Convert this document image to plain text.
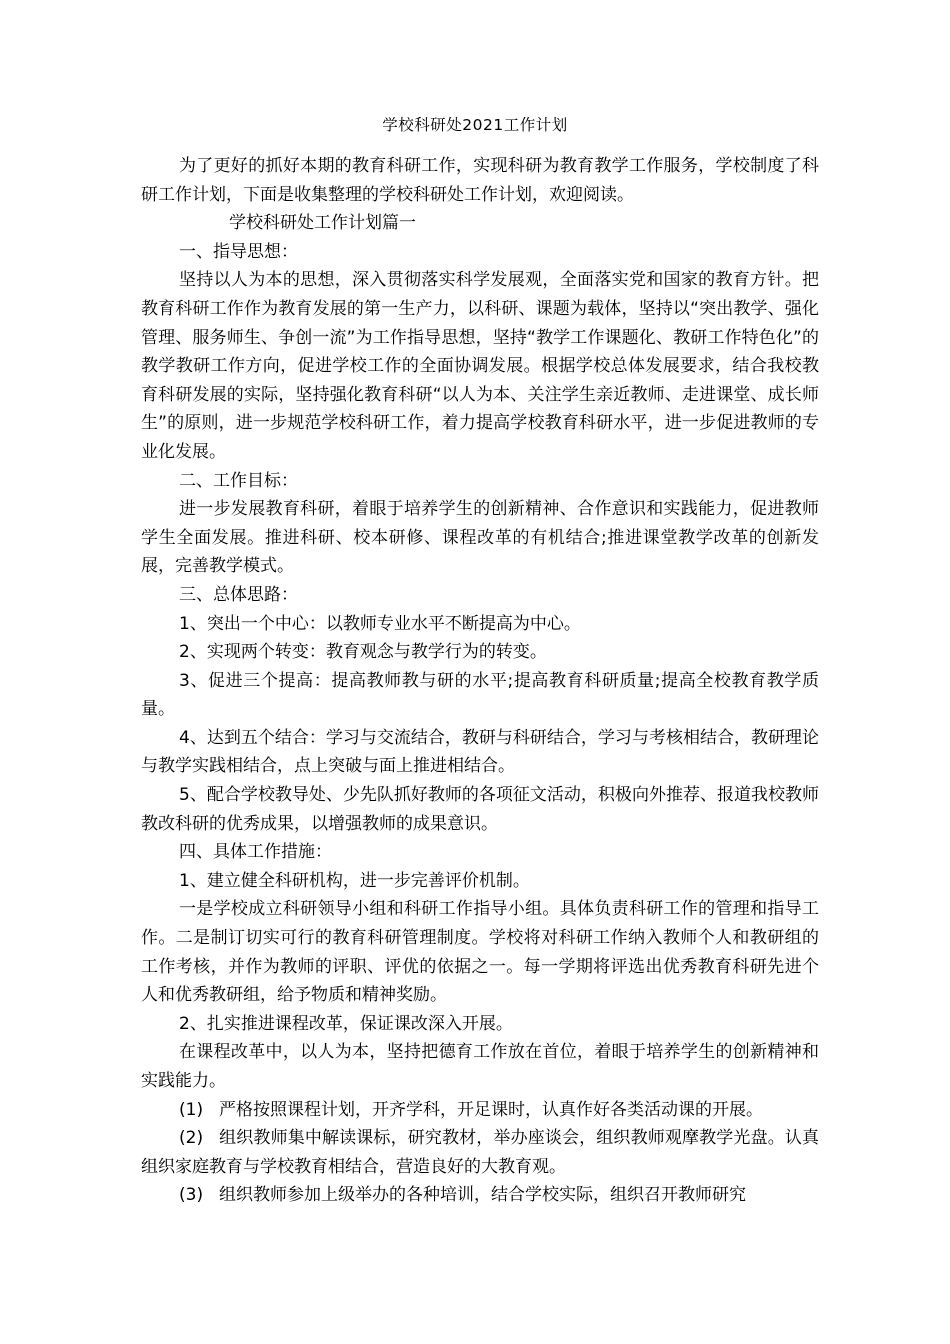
学校科研处2021工作计划

为了更好的抓好本期的教育科研工作，实现科研为教育教学工作服务，学校制度了科研工作计划，下面是收集整理的学校科研处工作计划，欢迎阅读。

学校科研处工作计划篇一

一、指导思想：

坚持以人为本的思想，深入贯彻落实科学发展观，全面落实党和国家的教育方针。把教育科研工作作为教育发展的第一生产力，以科研、课题为载体，坚持以“突出教学、强化管理、服务师生、争创一流”为工作指导思想，坚持“教学工作课题化、教研工作特色化”的教学教研工作方向，促进学校工作的全面协调发展。根据学校总体发展要求，结合我校教育科研发展的实际，坚持强化教育科研“以人为本、关注学生亲近教师、走进课堂、成长师生”的原则，进一步规范学校科研工作，着力提高学校教育科研水平，进一步促进教师的专业化发展。

二、工作目标：

进一步发展教育科研，着眼于培养学生的创新精神、合作意识和实践能力，促进教师学生全面发展。推进科研、校本研修、课程改革的有机结合;推进课堂教学改革的创新发展，完善教学模式。

三、总体思路：

1、突出一个中心：以教师专业水平不断提高为中心。

2、实现两个转变：教育观念与教学行为的转变。

3、促进三个提高：提高教师教与研的水平;提高教育科研质量;提高全校教育教学质量。

4、达到五个结合：学习与交流结合，教研与科研结合，学习与考核相结合，教研理论与教学实践相结合，点上突破与面上推进相结合。

5、配合学校教导处、少先队抓好教师的各项征文活动，积极向外推荐、报道我校教师教改科研的优秀成果，以增强教师的成果意识。

四、具体工作措施：

1、建立健全科研机构，进一步完善评价机制。

一是学校成立科研领导小组和科研工作指导小组。具体负责科研工作的管理和指导工作。二是制订切实可行的教育科研管理制度。学校将对科研工作纳入教师个人和教研组的工作考核，并作为教师的评职、评优的依据之一。每一学期将评选出优秀教育科研先进个人和优秀教研组，给予物质和精神奖励。

2、扎实推进课程改革，保证课改深入开展。

在课程改革中，以人为本，坚持把德育工作放在首位，着眼于培养学生的创新精神和实践能力。

(1) 严格按照课程计划，开齐学科，开足课时，认真作好各类活动课的开展。

(2) 组织教师集中解读课标，研究教材，举办座谈会，组织教师观摩教学光盘。认真组织家庭教育与学校教育相结合，营造良好的大教育观。

(3) 组织教师参加上级举办的各种培训，结合学校实际，组织召开教师研究
